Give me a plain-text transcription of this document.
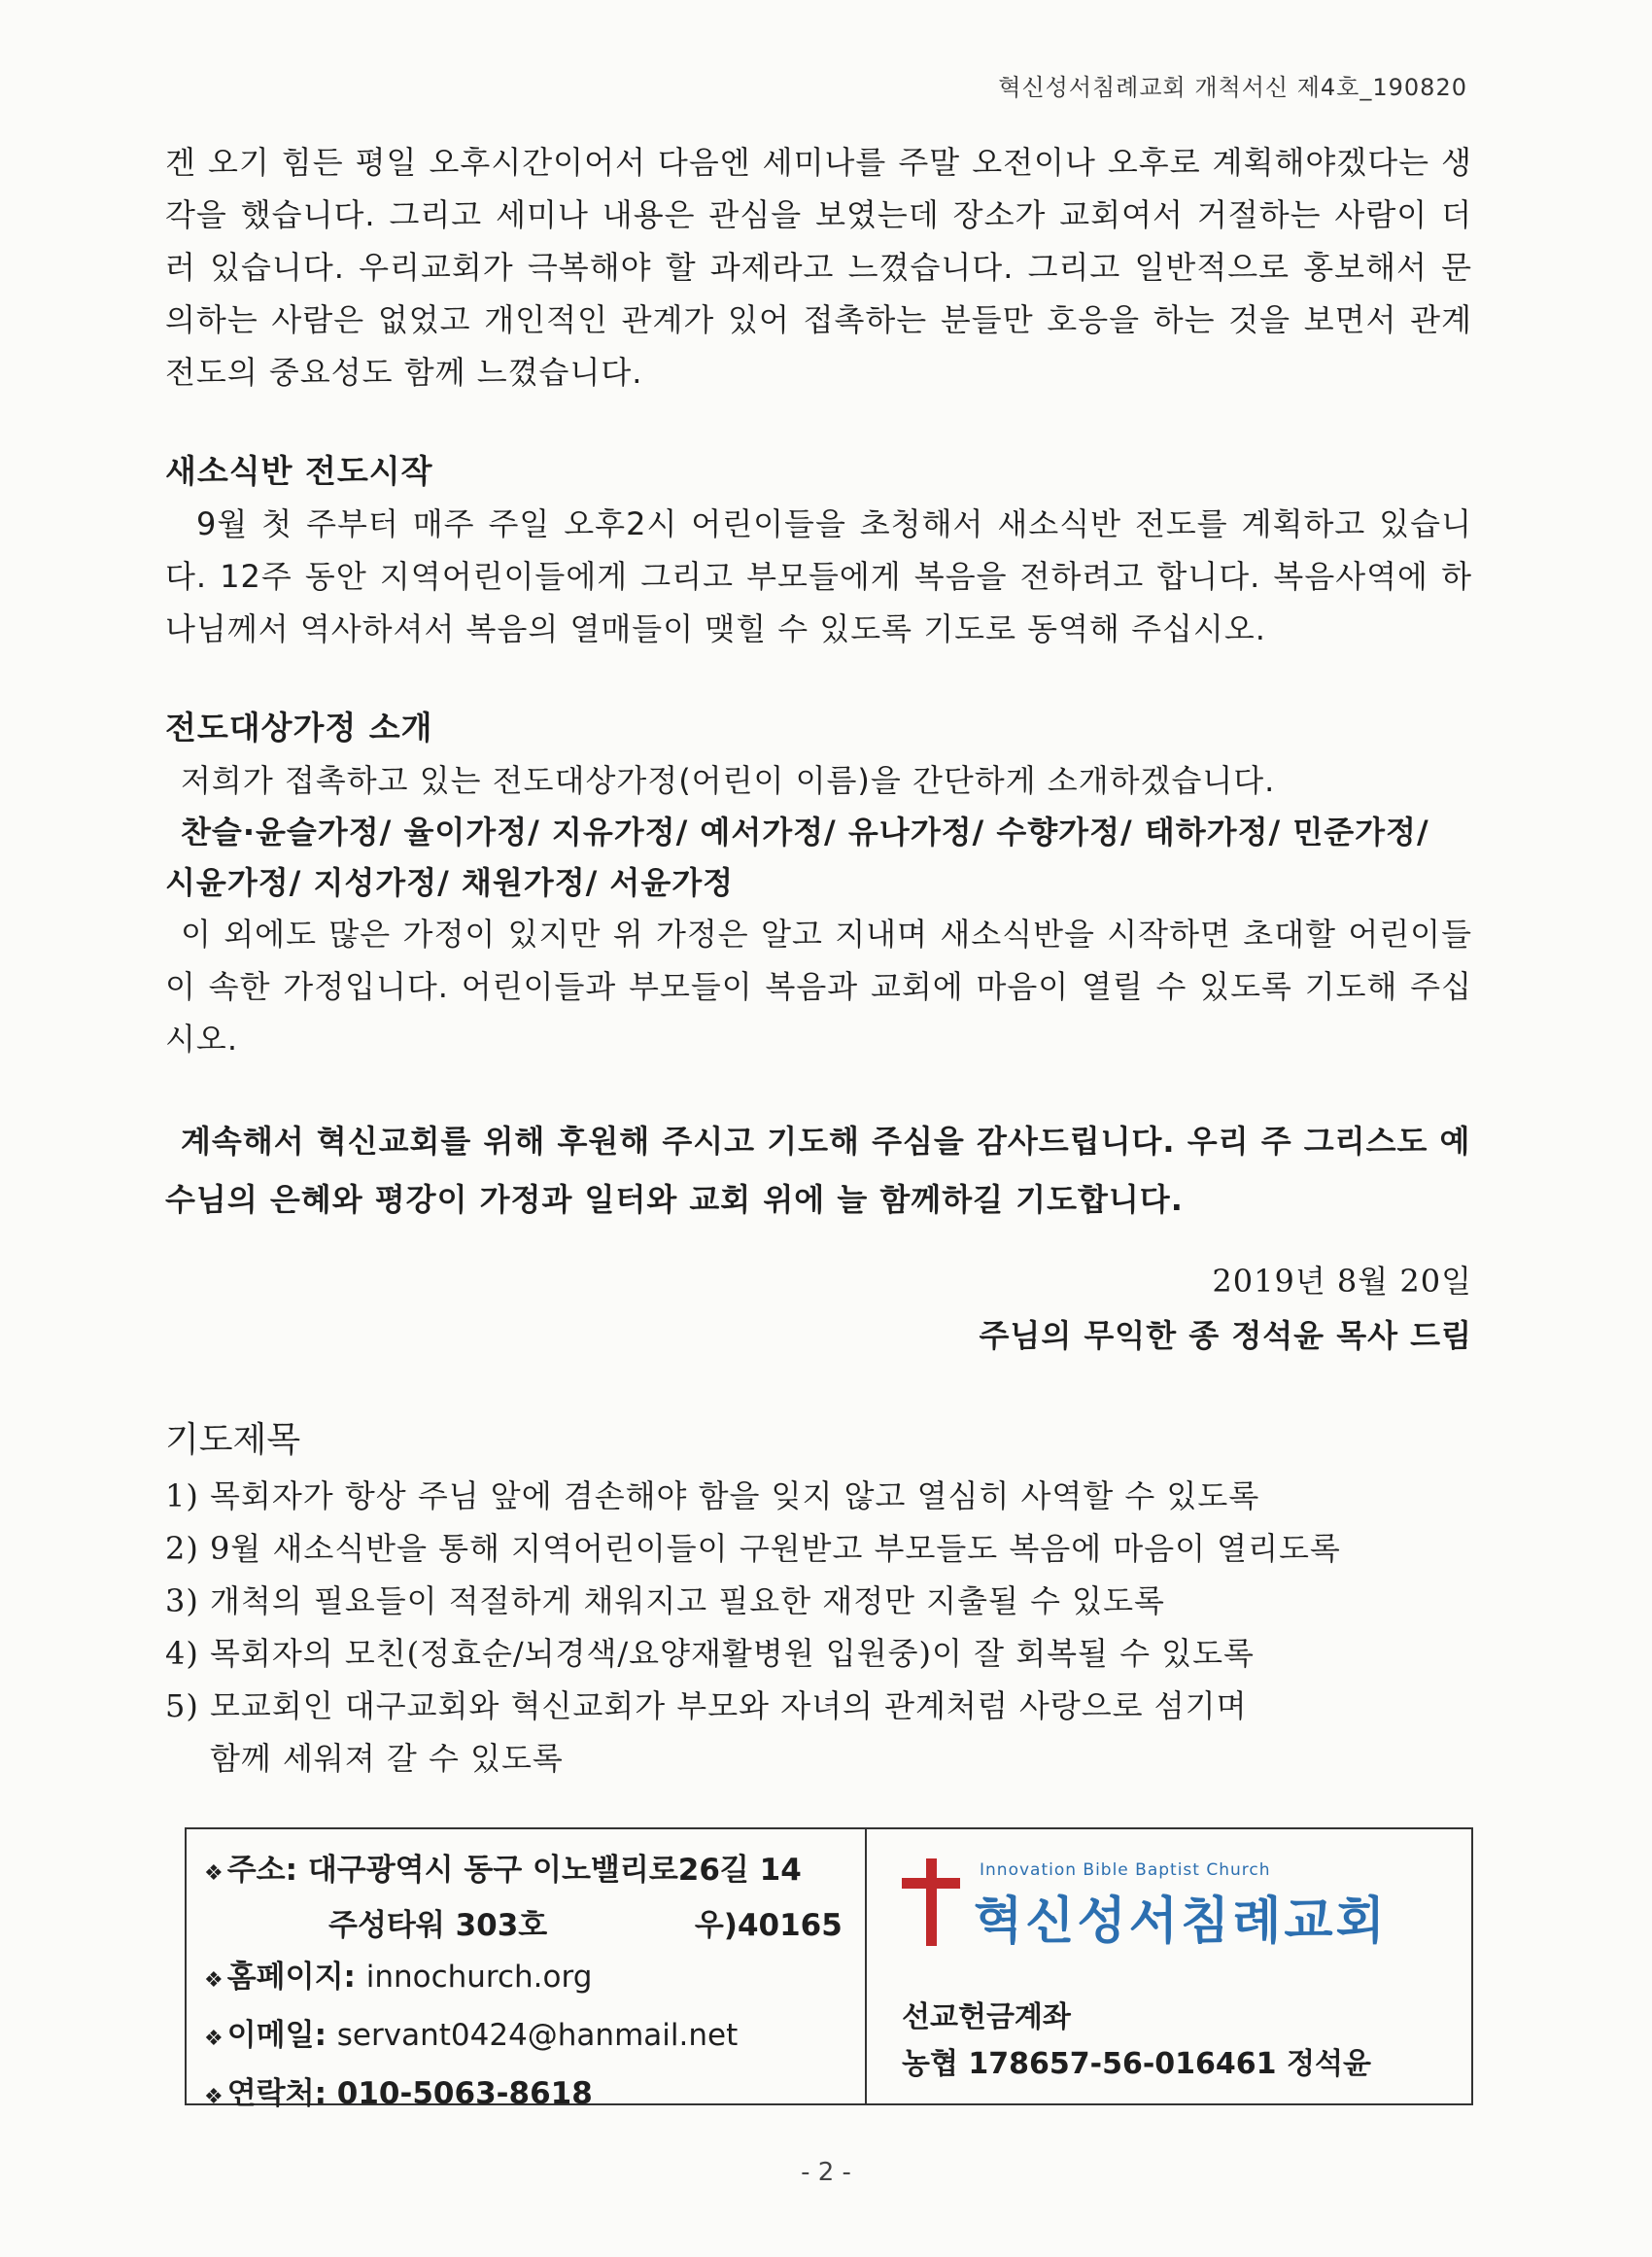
혁신성서침례교회 개척서신 제4호_190820

겐 오기 힘든 평일 오후시간이어서 다음엔 세미나를 주말 오전이나 오후로 계획해야겠다는 생각을 했습니다. 그리고 세미나 내용은 관심을 보였는데 장소가 교회여서 거절하는 사람이 더러 있습니다. 우리교회가 극복해야 할 과제라고 느꼈습니다. 그리고 일반적으로 홍보해서 문의하는 사람은 없었고 개인적인 관계가 있어 접촉하는 분들만 호응을 하는 것을 보면서 관계전도의 중요성도 함께 느꼈습니다.

새소식반 전도시작

9월 첫 주부터 매주 주일 오후2시 어린이들을 초청해서 새소식반 전도를 계획하고 있습니다. 12주 동안 지역어린이들에게 그리고 부모들에게 복음을 전하려고 합니다. 복음사역에 하나님께서 역사하셔서 복음의 열매들이 맺힐 수 있도록 기도로 동역해 주십시오.

전도대상가정 소개

저희가 접촉하고 있는 전도대상가정(어린이 이름)을 간단하게 소개하겠습니다.

찬슬·윤슬가정/ 율이가정/ 지유가정/ 예서가정/ 유나가정/ 수향가정/ 태하가정/ 민준가정/

시윤가정/ 지성가정/ 채원가정/ 서윤가정

이 외에도 많은 가정이 있지만 위 가정은 알고 지내며 새소식반을 시작하면 초대할 어린이들이 속한 가정입니다. 어린이들과 부모들이 복음과 교회에 마음이 열릴 수 있도록 기도해 주십시오.

계속해서 혁신교회를 위해 후원해 주시고 기도해 주심을 감사드립니다. 우리 주 그리스도 예수님의 은혜와 평강이 가정과 일터와 교회 위에 늘 함께하길 기도합니다.

2019년 8월 20일
주님의 무익한 종 정석윤 목사 드림

기도제목

1) 목회자가 항상 주님 앞에 겸손해야 함을 잊지 않고 열심히 사역할 수 있도록
2) 9월 새소식반을 통해 지역어린이들이 구원받고 부모들도 복음에 마음이 열리도록
3) 개척의 필요들이 적절하게 채워지고 필요한 재정만 지출될 수 있도록
4) 목회자의 모친(정효순/뇌경색/요양재활병원 입원중)이 잘 회복될 수 있도록
5) 모교회인 대구교회와 혁신교회가 부모와 자녀의 관계처럼 사랑으로 섬기며
함께 세워져 갈 수 있도록
❖ 주소: 대구광역시 동구 이노밸리로26길 14
주성타워 303호	우)40165
❖ 홈페이지: innochurch.org
❖ 이메일: servant0424@hanmail.net
❖ 연락처: 010-5063-8618
Innovation Bible Baptist Church
혁신성서침례교회
선교헌금계좌
농협 178657-56-016461 정석윤
- 2 -
